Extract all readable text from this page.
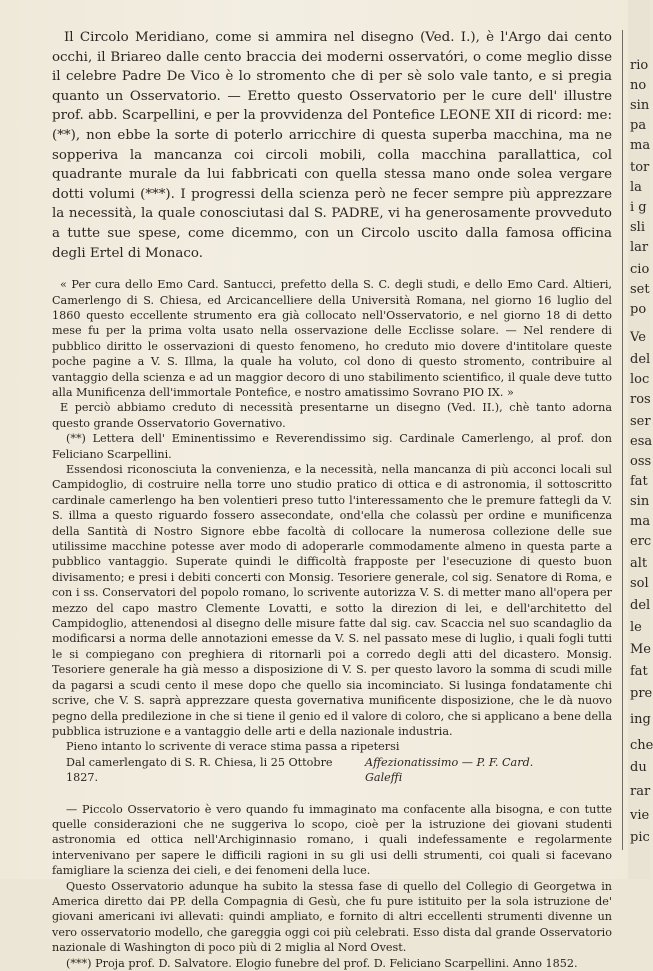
Il Circolo Meridiano, come si ammira nel disegno (Ved. I.), è l'Argo dai cento occhi, il Briareo dalle cento braccia dei moderni osservatóri, o come meglio disse il celebre Padre De Vico è lo stromento che di per sè solo vale tanto, e si pregia quanto un Osservatorio. — Eretto questo Osservatorio per le cure dell' illustre prof. abb. Scarpellini, e per la provvidenza del Pontefice LEONE XII di ricord: me: (**), non ebbe la sorte di poterlo arricchire di questa superba macchina, ma ne sopperiva la mancanza coi circoli mobili, colla macchina parallattica, col quadrante murale da lui fabbricati con quella stessa mano onde solea vergare dotti volumi (***). I progressi della scienza però ne fecer sempre più apprezzare la necessità, la quale conosciutasi dal S. PADRE, vi ha generosamente provveduto a tutte sue spese, come dicemmo, con un Circolo uscito dalla famosa officina degli Ertel di Monaco.

« Per cura dello Emo Card. Santucci, prefetto della S. C. degli studi, e dello Emo Card. Altieri, Camerlengo di S. Chiesa, ed Arcicancelliere della Università Romana, nel giorno 16 luglio del 1860 questo eccellente strumento era già collocato nell'Osservatorio, e nel giorno 18 di detto mese fu per la prima volta usato nella osservazione delle Ecclisse solare. — Nel rendere di pubblico diritto le osservazioni di questo fenomeno, ho creduto mio dovere d'intitolare queste poche pagine a V. S. Illma, la quale ha voluto, col dono di questo stromento, contribuire al vantaggio della scienza e ad un maggior decoro di uno stabilimento scientifico, il quale deve tutto alla Munificenza dell'immortale Pontefice, e nostro amatissimo Sovrano PIO IX. »

E perciò abbiamo creduto di necessità presentarne un disegno (Ved. II.), chè tanto adorna questo grande Osservatorio Governativo.

(**) Lettera dell' Eminentissimo e Reverendissimo sig. Cardinale Camerlengo, al prof. don Feliciano Scarpellini.

Essendosi riconosciuta la convenienza, e la necessità, nella mancanza di più acconci locali sul Campidoglio, di costruire nella torre uno studio pratico di ottica e di astronomia, il sottoscritto cardinale camerlengo ha ben volentieri preso tutto l'interessamento che le premure fattegli da V. S. illma a questo riguardo fossero assecondate, ond'ella che colassù per ordine e munificenza della Santità di Nostro Signore ebbe facoltà di collocare la numerosa collezione delle sue utilissime macchine potesse aver modo di adoperarle commodamente almeno in questa parte a pubblico vantaggio. Superate quindi le difficoltà frapposte per l'esecuzione di questo buon divisamento; e presi i debiti concerti con Monsig. Tesoriere generale, col sig. Senatore di Roma, e con i ss. Conservatori del popolo romano, lo scrivente autorizza V. S. di metter mano all'opera per mezzo del capo mastro Clemente Lovatti, e sotto la direzion di lei, e dell'architetto del Campidoglio, attenendosi al disegno delle misure fatte dal sig. cav. Scaccia nel suo scandaglio da modificarsi a norma delle annotazioni emesse da V. S. nel passato mese di luglio, i quali fogli tutti le si compiegano con preghiera di ritornarli poi a corredo degli atti del dicastero. Monsig. Tesoriere generale ha già messo a disposizione di V. S. per questo lavoro la somma di scudi mille da pagarsi a scudi cento il mese dopo che quello sia incominciato. Si lusinga fondatamente chi scrive, che V. S. saprà apprezzare questa governativa munificente disposizione, che le dà nuovo pegno della predilezione in che si tiene il genio ed il valore di coloro, che si applicano a bene della pubblica istruzione e a vantaggio delle arti e della nazionale industria.

Pieno intanto lo scrivente di verace stima passa a ripetersi

Dal camerlengato di S. R. Chiesa, li 25 Ottobre 1827.
Affezionatissimo — P. F. Card. Galeffi

— Piccolo Osservatorio è vero quando fu immaginato ma confacente alla bisogna, e con tutte quelle considerazioni che ne suggeriva lo scopo, cioè per la istruzione dei giovani studenti astronomia ed ottica nell'Archiginnasio romano, i quali indefessamente e regolarmente intervenivano per sapere le difficili ragioni in su gli usi delli strumenti, coi quali si facevano famigliare la scienza dei cieli, e dei fenomeni della luce.

Questo Osservatorio adunque ha subito la stessa fase di quello del Collegio di Georgetwa in America diretto dai PP. della Compagnia di Gesù, che fu pure istituito per la sola istruzione de' giovani americani ivi allevati: quindi ampliato, e fornito di altri eccellenti strumenti divenne un vero osservatorio modello, che gareggia oggi coi più celebrati. Esso dista dal grande Osservatorio nazionale di Washington di poco più di 2 miglia al Nord Ovest.

(***) Proja prof. D. Salvatore. Elogio funebre del prof. D. Feliciano Scarpellini. Anno 1852.

rio
no
sin
pa
ma
tor
la
i g
sli
lar
cio
set
po
Ve
del
loc
ros
ser
esa
oss
fat
sin
ma
erc
alt
sol
del
le
Me
fat
pre
ing
che
du
rar
vie
pic
